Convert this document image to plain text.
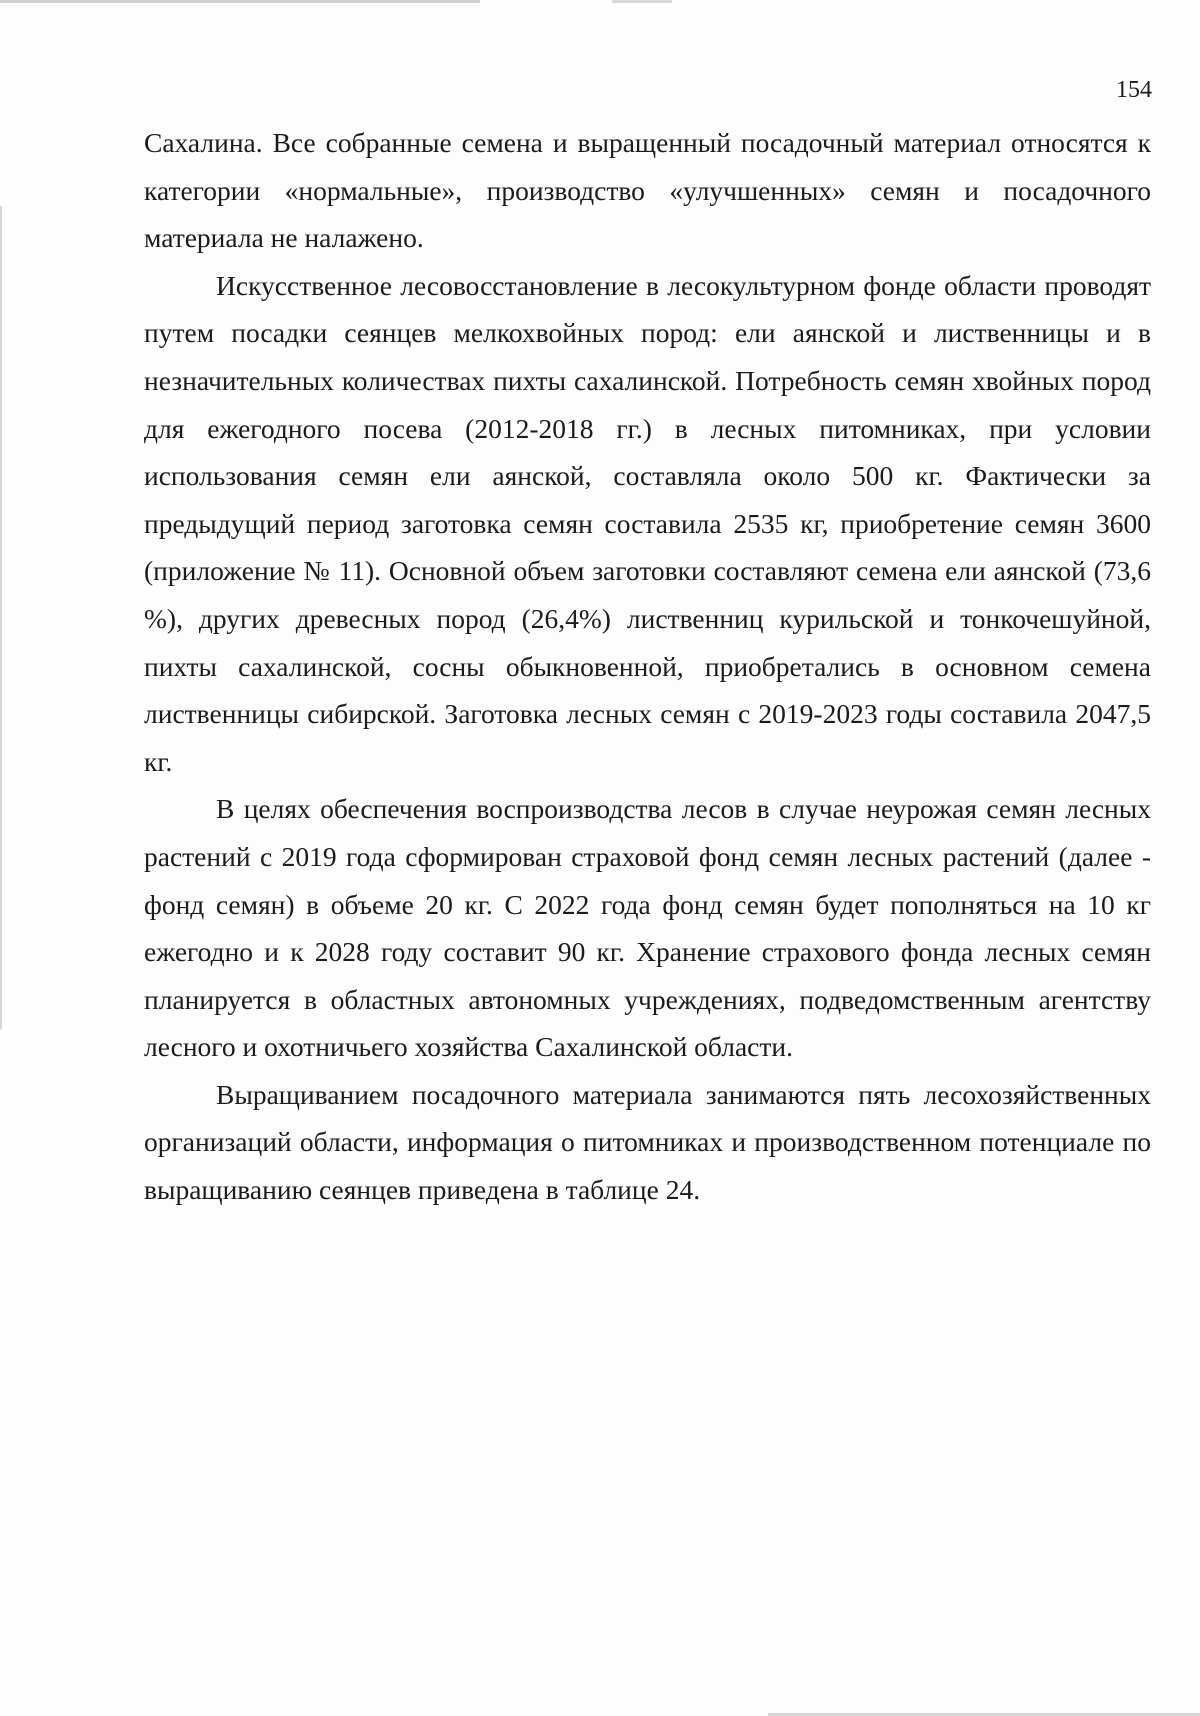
154

Сахалина. Все собранные семена и выращенный посадочный материал относятся к категории «нормальные», производство «улучшенных» семян и посадочного материала не налажено.

Искусственное лесовосстановление в лесокультурном фонде области проводят путем посадки сеянцев мелкохвойных пород: ели аянской и лиственницы и в незначительных количествах пихты сахалинской. Потребность семян хвойных пород для ежегодного посева (2012-2018 гг.) в лесных питомниках, при условии использования семян ели аянской, составляла около 500 кг. Фактически за предыдущий период заготовка семян составила 2535 кг, приобретение семян 3600 (приложение № 11). Основной объем заготовки составляют семена ели аянской (73,6 %), других древесных пород (26,4%) лиственниц курильской и тонкочешуйной, пихты сахалинской, сосны обыкновенной, приобретались в основном семена лиственницы сибирской. Заготовка лесных семян с 2019-2023 годы составила 2047,5 кг.

В целях обеспечения воспроизводства лесов в случае неурожая семян лесных растений с 2019 года сформирован страховой фонд семян лесных растений (далее - фонд семян) в объеме 20 кг. С 2022 года фонд семян будет пополняться на 10 кг ежегодно и к 2028 году составит 90 кг. Хранение страхового фонда лесных семян планируется в областных автономных учреждениях, подведомственным агентству лесного и охотничьего хозяйства Сахалинской области.

Выращиванием посадочного материала занимаются пять лесохозяйственных организаций области, информация о питомниках и производственном потенциале по выращиванию сеянцев приведена в таблице 24.
